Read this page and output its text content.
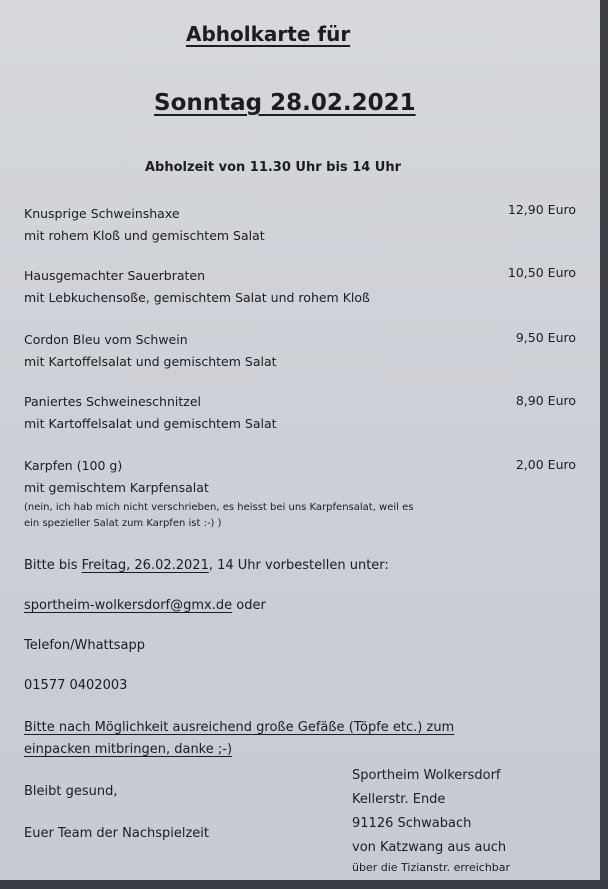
Abholkarte für
Sonntag 28.02.2021
Abholzeit von 11.30 Uhr bis 14 Uhr
Knusprige Schweinshaxe	12,90 Euro
mit rohem Kloß und gemischtem Salat
Hausgemachter Sauerbraten	10,50 Euro
mit Lebkuchensoße, gemischtem Salat und rohem Kloß
Cordon Bleu vom Schwein	9,50 Euro
mit Kartoffelsalat und gemischtem Salat
Paniertes Schweineschnitzel	8,90 Euro
mit Kartoffelsalat und gemischtem Salat
Karpfen (100 g)	2,00 Euro
mit gemischtem Karpfensalat
(nein, ich hab mich nicht verschrieben, es heisst bei uns Karpfensalat, weil es
ein spezieller Salat zum Karpfen ist :-) )
Bitte bis Freitag, 26.02.2021, 14 Uhr vorbestellen unter:
sportheim-wolkersdorf@gmx.de oder
Telefon/Whattsapp
01577 0402003
Bitte nach Möglichkeit ausreichend große Gefäße (Töpfe etc.) zum
einpacken mitbringen, danke ;-)
Bleibt gesund,
Euer Team der Nachspielzeit
Sportheim Wolkersdorf
Kellerstr. Ende
91126 Schwabach
von Katzwang aus auch
über die Tizianstr. erreichbar
